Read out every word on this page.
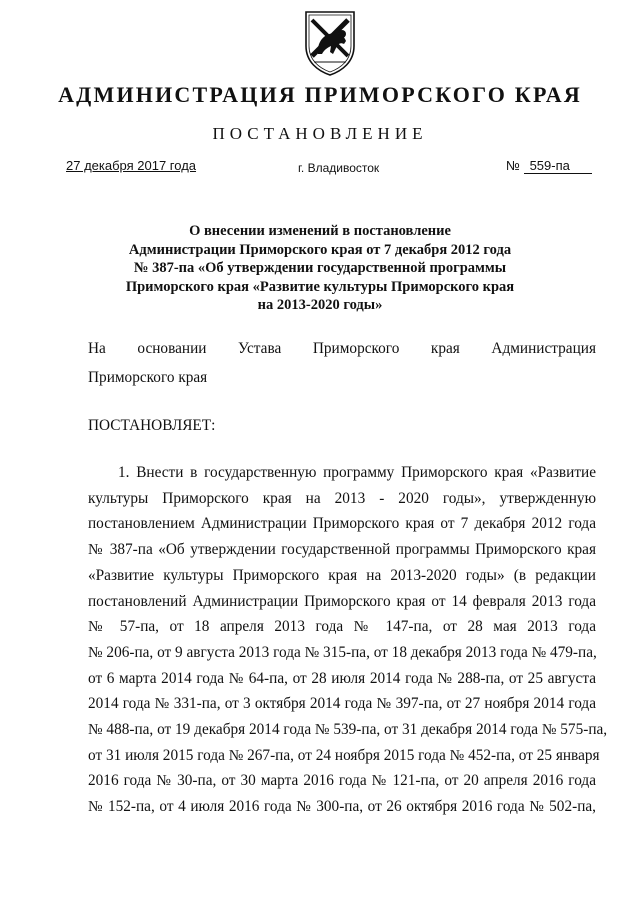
АДМИНИСТРАЦИЯ ПРИМОРСКОГО КРАЯ
ПОСТАНОВЛЕНИЕ
27 декабря 2017 года	г. Владивосток	№ 559-па
О внесении изменений в постановление
Администрации Приморского края от 7 декабря 2012 года
№ 387-па «Об утверждении государственной программы
Приморского края «Развитие культуры Приморского края
на 2013-2020 годы»
На основании Устава Приморского края Администрация
Приморского края
ПОСТАНОВЛЯЕТ:
1. Внести в государственную программу Приморского края «Развитие
культуры Приморского края на 2013 - 2020 годы», утвержденную
постановлением Администрации Приморского края от 7 декабря 2012 года
№ 387-па «Об утверждении государственной программы Приморского края
«Развитие культуры Приморского края на 2013-2020 годы» (в редакции
постановлений Администрации Приморского края от 14 февраля 2013 года
№ 57-па, от 18 апреля 2013 года № 147-па, от 28 мая 2013 года
№ 206-па, от 9 августа 2013 года № 315-па, от 18 декабря 2013 года № 479-па,
от 6 марта 2014 года № 64-па, от 28 июля 2014 года № 288-па, от 25 августа
2014 года № 331-па, от 3 октября 2014 года № 397-па, от 27 ноября 2014 года
№ 488-па, от 19 декабря 2014 года № 539-па, от 31 декабря 2014 года № 575-па,
от 31 июля 2015 года № 267-па, от 24 ноября 2015 года № 452-па, от 25 января
2016 года № 30-па, от 30 марта 2016 года № 121-па, от 20 апреля 2016 года
№ 152-па, от 4 июля 2016 года № 300-па, от 26 октября 2016 года № 502-па,
